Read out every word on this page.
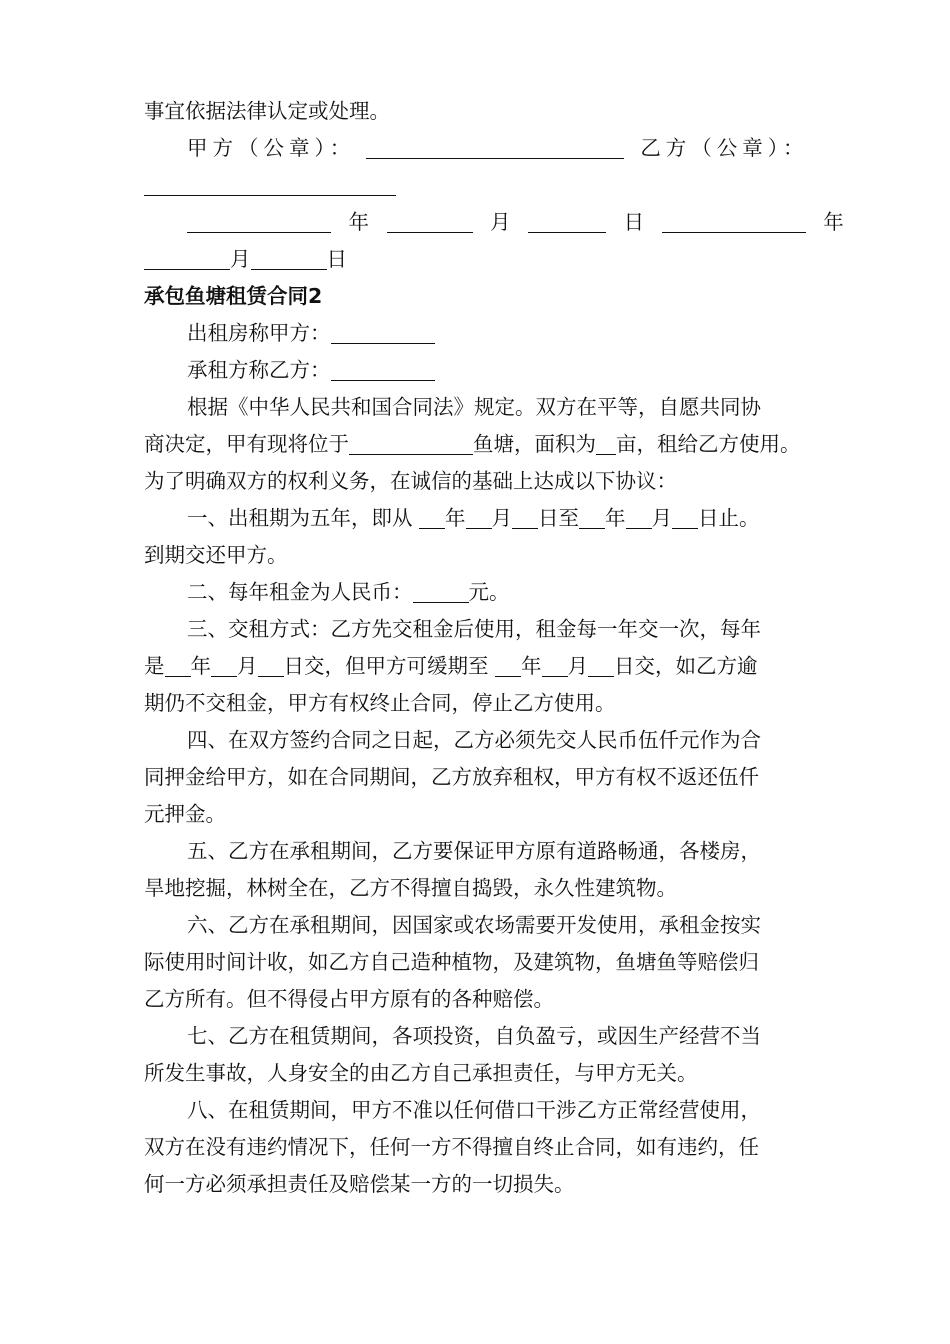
事宜依据法律认定或处理。
甲方（公章）：	乙方（公章）：
年	月	日	年
月	日
承包鱼塘租赁合同2
出租房称甲方：
承租方称乙方：
根据《中华人民共和国合同法》规定。双方在平等，自愿共同协
商决定，甲有现将位于	鱼塘，面积为 亩，租给乙方使用。
为了明确双方的权利义务，在诚信的基础上达成以下协议：
一、出租期为五年，即从 年 月 日至 年 月 日止。
到期交还甲方。
二、每年租金为人民币：	元。
三、交租方式：乙方先交租金后使用，租金每一年交一次，每年
是 年 月 日交，但甲方可缓期至 年 月 日交，如乙方逾
期仍不交租金，甲方有权终止合同，停止乙方使用。
四、在双方签约合同之日起，乙方必须先交人民币伍仟元作为合
同押金给甲方，如在合同期间，乙方放弃租权，甲方有权不返还伍仟
元押金。
五、乙方在承租期间，乙方要保证甲方原有道路畅通，各楼房，
旱地挖掘，林树全在，乙方不得擅自捣毁，永久性建筑物。
六、乙方在承租期间，因国家或农场需要开发使用，承租金按实
际使用时间计收，如乙方自己造种植物，及建筑物，鱼塘鱼等赔偿归
乙方所有。但不得侵占甲方原有的各种赔偿。
七、乙方在租赁期间，各项投资，自负盈亏，或因生产经营不当
所发生事故，人身安全的由乙方自己承担责任，与甲方无关。
八、在租赁期间，甲方不准以任何借口干涉乙方正常经营使用，
双方在没有违约情况下，任何一方不得擅自终止合同，如有违约，任
何一方必须承担责任及赔偿某一方的一切损失。
